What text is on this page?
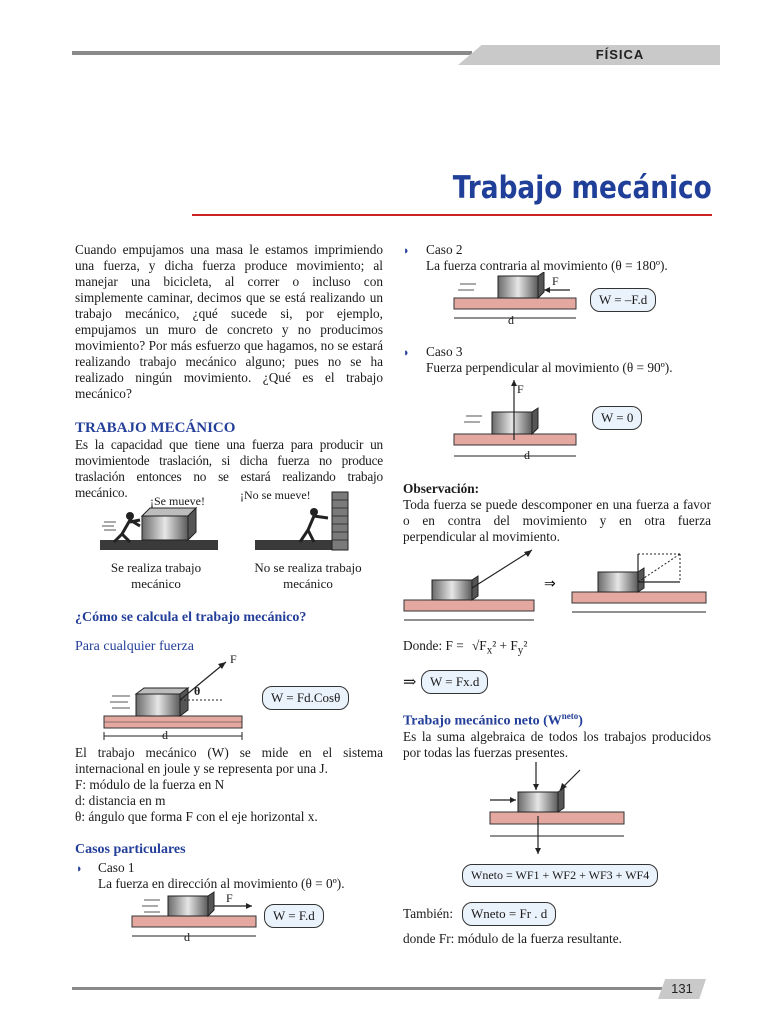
FÍSICA
Trabajo mecánico
Cuando empujamos una masa le estamos imprimiendo una fuerza, y dicha fuerza produce movimiento; al manejar una bicicleta, al correr o incluso con simplemente caminar, decimos que se está realizando un trabajo mecánico, ¿qué sucede si, por ejemplo, empujamos un muro de concreto y no producimos movimiento? Por más esfuerzo que hagamos, no se estará realizando trabajo mecánico alguno; pues no se ha realizado ningún movimiento. ¿Qué es el trabajo mecánico?
TRABAJO MECÁNICO
Es la capacidad que tiene una fuerza para producir un movimientode traslación, si dicha fuerza no produce traslación entonces no se estará realizando trabajo mecánico.
¡Se mueve!	¡No se mueve!
Se realiza trabajo mecánico
No se realiza trabajo mecánico
¿Cómo se calcula el trabajo mecánico?
Para cualquier fuerza
F
θ
d
W = Fd.Cosθ
El trabajo mecánico (W) se mide en el sistema internacional en joule y se representa por una J.
F: módulo de la fuerza en N
d: distancia en m
θ: ángulo que forma F con el eje horizontal x.
Casos particulares
◗ Caso 1
La fuerza en dirección al movimiento (θ = 0º).
F
d
W = F.d
◗ Caso 2
La fuerza contraria al movimiento (θ = 180º).
F
d
W = –F.d
◗ Caso 3
Fuerza perpendicular al movimiento (θ = 90º).
F
d
W = 0
Observación:
Toda fuerza se puede descomponer en una fuerza a favor o en contra del movimiento y en otra fuerza perpendicular al movimiento.
⇒
Donde: $F = √F_x^2 + F_y^2$
⇒	W = Fx.d
Trabajo mecánico neto $(W^{neto})$
Es la suma algebraica de todos los trabajos producidos por todas las fuerzas presentes.
Wneto = WF1 + WF2 + WF3 + WF4
También:	Wneto = Fr . d
donde Fr: módulo de la fuerza resultante.
131
